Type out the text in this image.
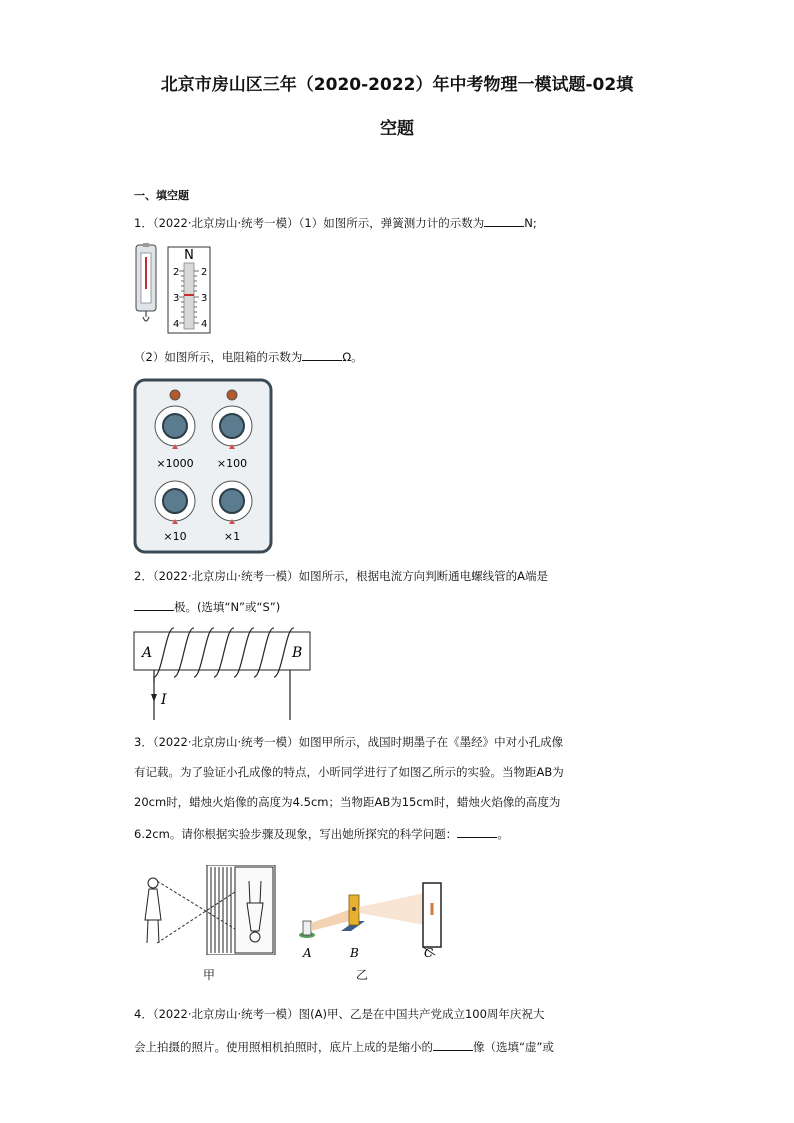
北京市房山区三年（2020-2022）年中考物理一模试题-02填
空题
一、填空题
1．（2022·北京房山·统考一模）（1）如图所示，弹簧测力计的示数为	N;
N
2
3
4
2
3
4
（2）如图所示，电阻箱的示数为	Ω。
×1000 ×100
×10	×1
2．（2022·北京房山·统考一模）如图所示，根据电流方向判断通电螺线管的A端是
极。(选填“N”或“S”)
A	B
I
3．（2022·北京房山·统考一模）如图甲所示，战国时期墨子在《墨经》中对小孔成像
有记载。为了验证小孔成像的特点，小昕同学进行了如图乙所示的实验。当物距AB为
20cm时，蜡烛火焰像的高度为4.5cm；当物距AB为15cm时，蜡烛火焰像的高度为
6.2cm。请你根据实验步骤及现象，写出她所探究的科学问题：	。
甲
A	B	C
乙
4．（2022·北京房山·统考一模）图(A)甲、乙是在中国共产党成立100周年庆祝大
会上拍摄的照片。使用照相机拍照时，底片上成的是缩小的	像（选填“虚”或
